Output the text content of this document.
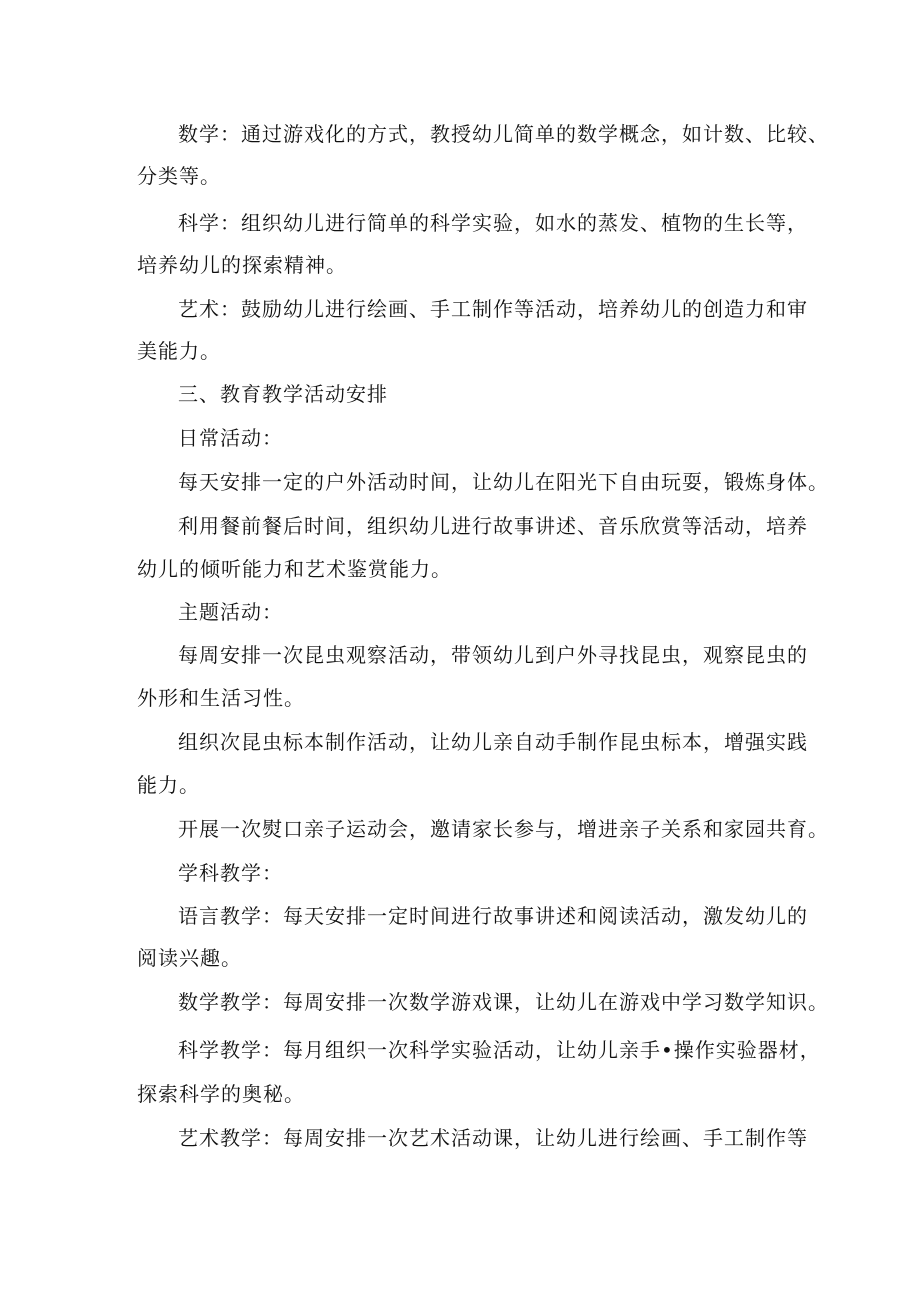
数学：通过游戏化的方式，教授幼儿简单的数学概念，如计数、比较、

分类等。

科学：组织幼儿进行简单的科学实验，如水的蒸发、植物的生长等，

培养幼儿的探索精神。

艺术：鼓励幼儿进行绘画、手工制作等活动，培养幼儿的创造力和审

美能力。

三、教育教学活动安排

日常活动：

每天安排一定的户外活动时间，让幼儿在阳光下自由玩耍，锻炼身体。

利用餐前餐后时间，组织幼儿进行故事讲述、音乐欣赏等活动，培养

幼儿的倾听能力和艺术鉴赏能力。

主题活动：

每周安排一次昆虫观察活动，带领幼儿到户外寻找昆虫，观察昆虫的

外形和生活习性。

组织次昆虫标本制作活动，让幼儿亲自动手制作昆虫标本，增强实践

能力。

开展一次熨口亲子运动会，邀请家长参与，增进亲子关系和家园共育。

学科教学：

语言教学：每天安排一定时间进行故事讲述和阅读活动，激发幼儿的

阅读兴趣。

数学教学：每周安排一次数学游戏课，让幼儿在游戏中学习数学知识。

科学教学：每月组织一次科学实验活动，让幼儿亲手•操作实验器材，

探索科学的奥秘。

艺术教学：每周安排一次艺术活动课，让幼儿进行绘画、手工制作等
